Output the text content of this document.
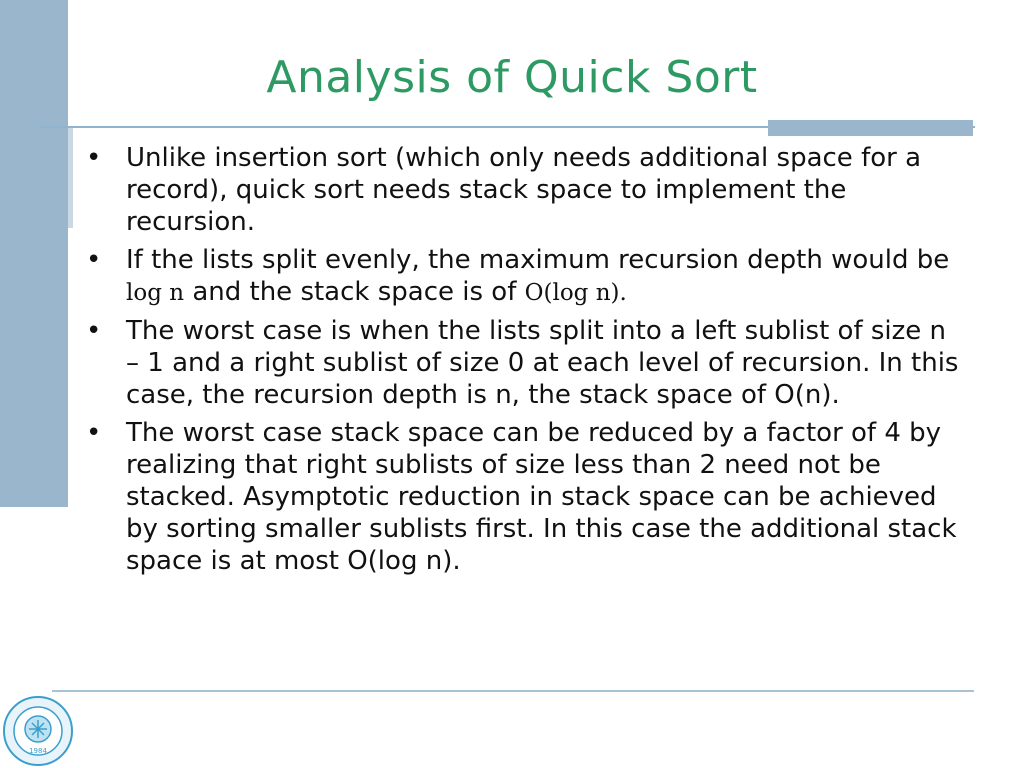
Analysis of Quick Sort
• Unlike insertion sort (which only needs additional space for a record), quick sort needs stack space to implement the recursion.
• If the lists split evenly, the maximum recursion depth would be log n and the stack space is of O(log n).
• The worst case is when the lists split into a left sublist of size n – 1 and a right sublist of size 0 at each level of recursion. In this case, the recursion depth is n, the stack space of O(n).
• The worst case stack space can be reduced by a factor of 4 by realizing that right sublists of size less than 2 need not be stacked. Asymptotic reduction in stack space can be achieved by sorting smaller sublists first. In this case the additional stack space is at most O(log n).
1984
